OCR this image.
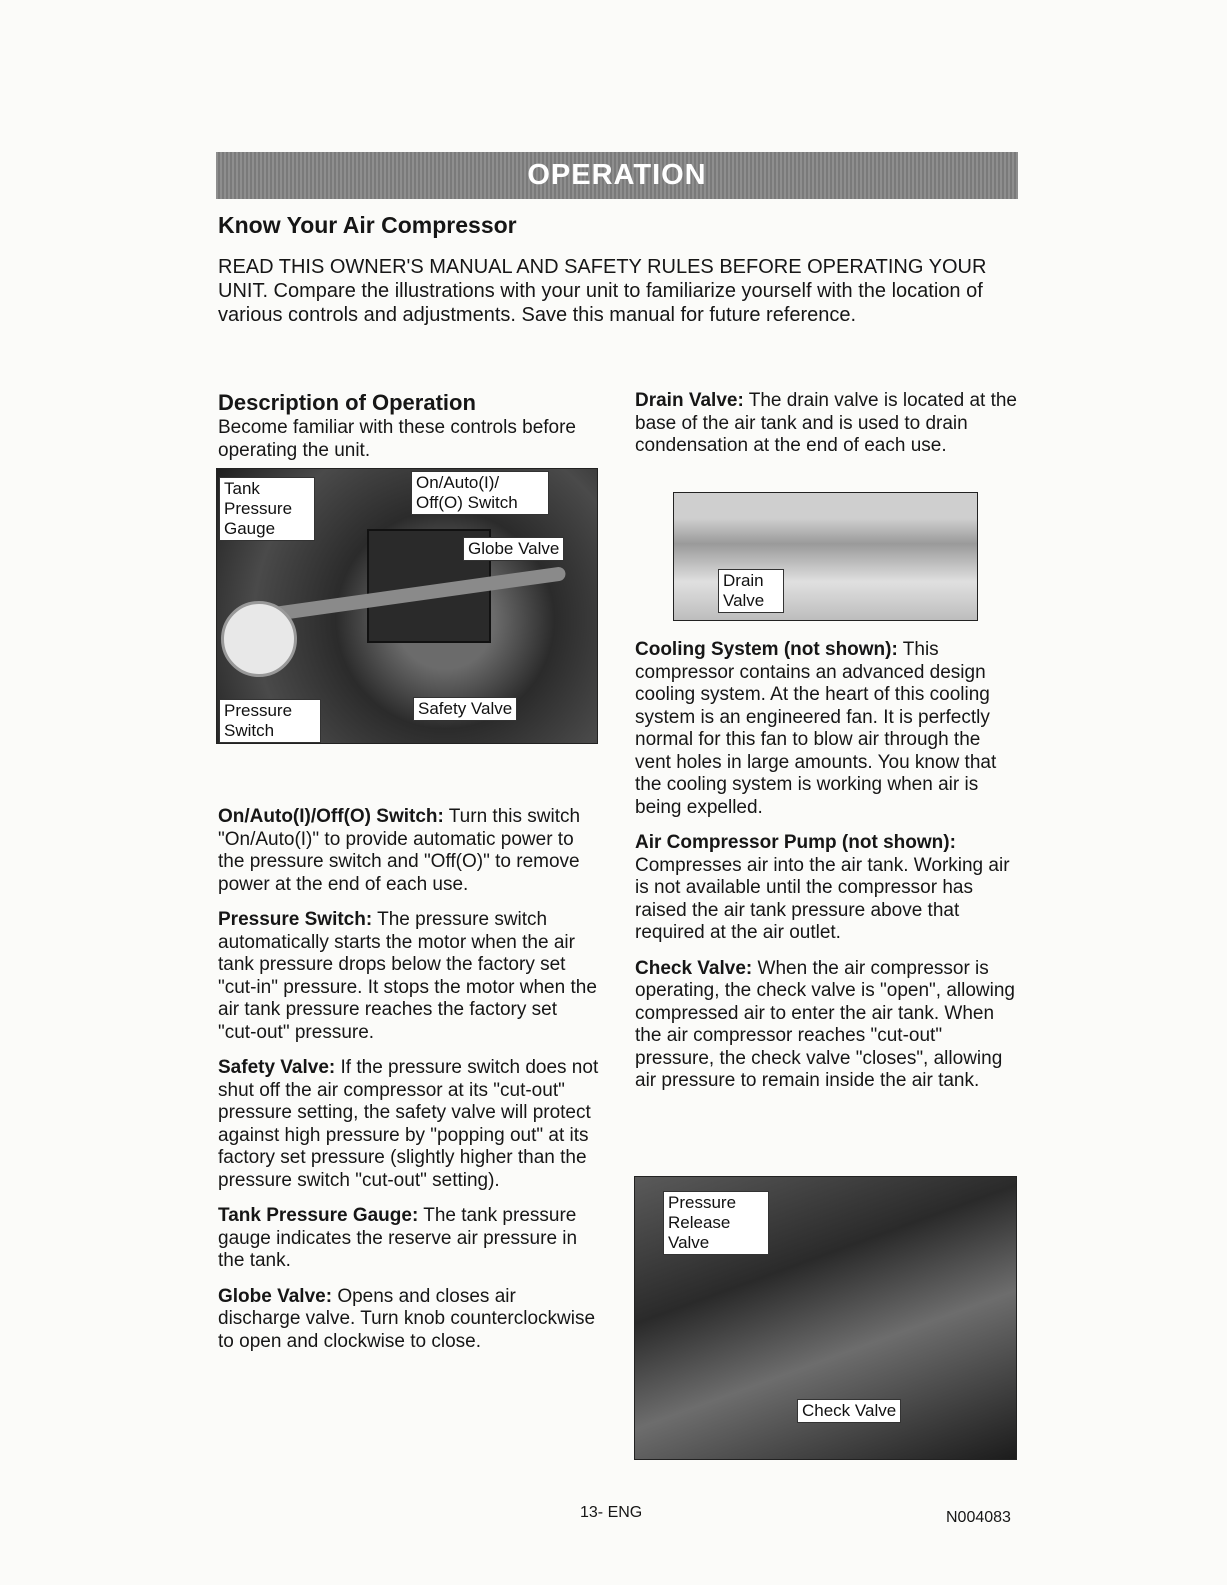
OPERATION
Know Your Air Compressor

READ THIS OWNER'S MANUAL AND SAFETY RULES BEFORE OPERATING YOUR UNIT. Compare the illustrations with your unit to familiarize yourself with the location of various controls and adjustments. Save this manual for future reference.

Description of Operation

Become familiar with these controls before operating the unit.

Tank Pressure Gauge
On/Auto(I)/ Off(O) Switch
Globe Valve
Pressure Switch
Safety Valve

On/Auto(I)/Off(O) Switch: Turn this switch "On/Auto(I)" to provide automatic power to the pressure switch and "Off(O)" to remove power at the end of each use.

Pressure Switch: The pressure switch automatically starts the motor when the air tank pressure drops below the factory set "cut-in" pressure. It stops the motor when the air tank pressure reaches the factory set "cut-out" pressure.

Safety Valve: If the pressure switch does not shut off the air compressor at its "cut-out" pressure setting, the safety valve will protect against high pressure by "popping out" at its factory set pressure (slightly higher than the pressure switch "cut-out" setting).

Tank Pressure Gauge: The tank pressure gauge indicates the reserve air pressure in the tank.

Globe Valve: Opens and closes air discharge valve. Turn knob counterclockwise to open and clockwise to close.

Drain Valve: The drain valve is located at the base of the air tank and is used to drain condensation at the end of each use.

Drain Valve

Cooling System (not shown): This compressor contains an advanced design cooling system. At the heart of this cooling system is an engineered fan. It is perfectly normal for this fan to blow air through the vent holes in large amounts. You know that the cooling system is working when air is being expelled.

Air Compressor Pump (not shown): Compresses air into the air tank. Working air is not available until the compressor has raised the air tank pressure above that required at the air outlet.

Check Valve: When the air compressor is operating, the check valve is "open", allowing compressed air to enter the air tank. When the air compressor reaches "cut-out" pressure, the check valve "closes", allowing air pressure to remain inside the air tank.

Pressure Release Valve
Check Valve
13- ENG	N004083
